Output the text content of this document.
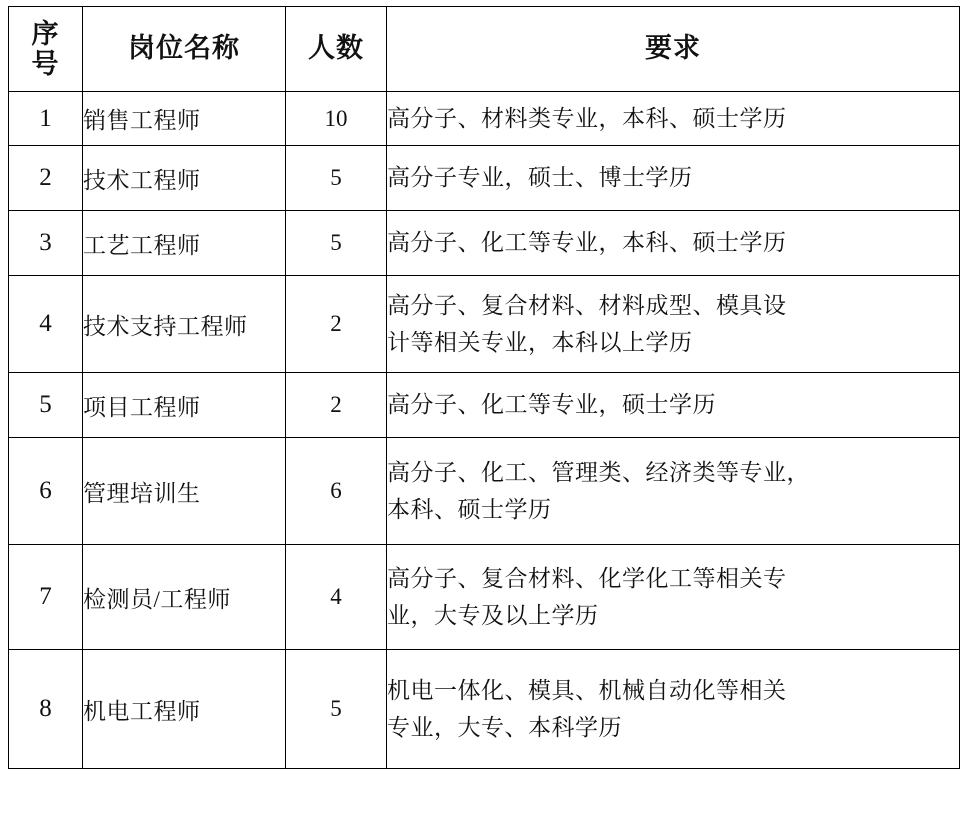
序
号	岗位名称	人数	要求
1	销售工程师	10	高分子、材料类专业，本科、硕士学历

2	技术工程师	5	高分子专业，硕士、博士学历

3	工艺工程师	5	高分子、化工等专业，本科、硕士学历

4	技术支持工程师	2	高分子、复合材料、材料成型、模具设
计等相关专业，本科以上学历

5	项目工程师	2	高分子、化工等专业，硕士学历

6	管理培训生	6	高分子、化工、管理类、经济类等专业，
本科、硕士学历

7	检测员/工程师	4	高分子、复合材料、化学化工等相关专
业，大专及以上学历

8	机电工程师	5	机电一体化、模具、机械自动化等相关
专业，大专、本科学历
